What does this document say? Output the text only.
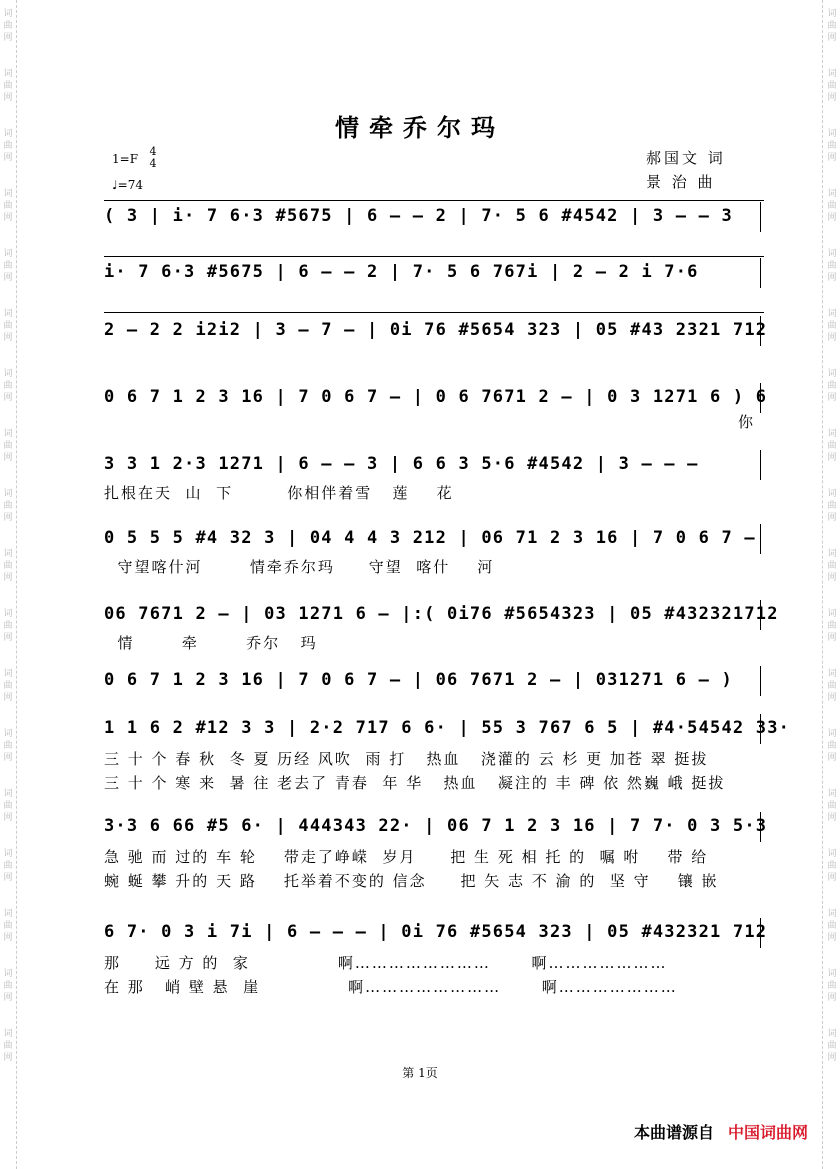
词
曲
网
词
曲
网
词
曲
网
词
曲
网
词
曲
网
词
曲
网
词
曲
网
词
曲
网
词
曲
网
词
曲
网
词
曲
网
词
曲
网
词
曲
网
词
曲
网
词
曲
网
词
曲
网
词
曲
网
词
曲
网
词
曲
网
词
曲
网
词
曲
网
词
曲
网
词
曲
网
词
曲
网
词
曲
网
词
曲
网
词
曲
网
词
曲
网
词
曲
网
词
曲
网
词
曲
网
词
曲
网
词
曲
网
词
曲
网
词
曲
网
词
曲
网
情牵乔尔玛
1=F
4
4
♩=74
郝国文 词
景 治 曲
( 3 | i· 7 6·3 #5675 | 6 — — 2 | 7· 5 6 #4542 | 3 — — 3
i· 7 6·3 #5675 | 6 — — 2 | 7· 5 6 767i | 2 — 2 i 7·6
2 — 2 2 i2i2 | 3 — 7 — | 0i 76 #5654 323 | 05 #43 2321 712
0 6 7 1 2 3 16 | 7 0 6 7 — | 0 6 7671 2 — | 0 3 1271 6 ) 6
你
3 3 1 2·3 1271 | 6 — — 3 | 6 6 3 5·6 #4542 | 3 — — —
扎根在天  山  下        你相伴着雪   莲    花
0 5 5 5 #4 32 3 | 04 4 4 3 212 | 06 71 2 3 16 | 7 0 6 7 —
守望喀什河       情牵乔尔玛     守望  喀什    河
06 7671 2 — | 03 1271 6 — |:( 0i76 #5654323 | 05 #432321712
情       牵       乔尔   玛
0 6 7 1 2 3 16 | 7 0 6 7 — | 06 7671 2 — | 031271 6 — )
1 1 6 2 #12 3 3 | 2·2 717 6 6· | 55 3 767 6 5 | #4·54542 33·
三 十 个 春 秋  冬 夏 历经 风吹  雨 打   热血   浇灌的 云 杉 更 加苍 翠 挺拔
三 十 个 寒 来  暑 往 老去了 青春  年 华   热血   凝注的 丰 碑 依 然巍 峨 挺拔
3·3 6 66 #5 6· | 444343 22· | 06 7 1 2 3 16 | 7 7· 0 3 5·3
急 驰 而 过的 车 轮    带走了峥嵘  岁月     把 生 死 相 托 的  嘱 咐    带 给
蜿 蜒 攀 升的 天 路    托举着不变的 信念     把 矢 志 不 渝 的  坚 守    镶 嵌
6 7· 0 3 i 7i | 6 — — — | 0i 76 #5654 323 | 05 #432321 712
那     远 方 的  家             啊……………………      啊…………………
在 那   峭 壁 悬  崖             啊……………………      啊…………………
第 1页
本曲谱源自 中国词曲网
